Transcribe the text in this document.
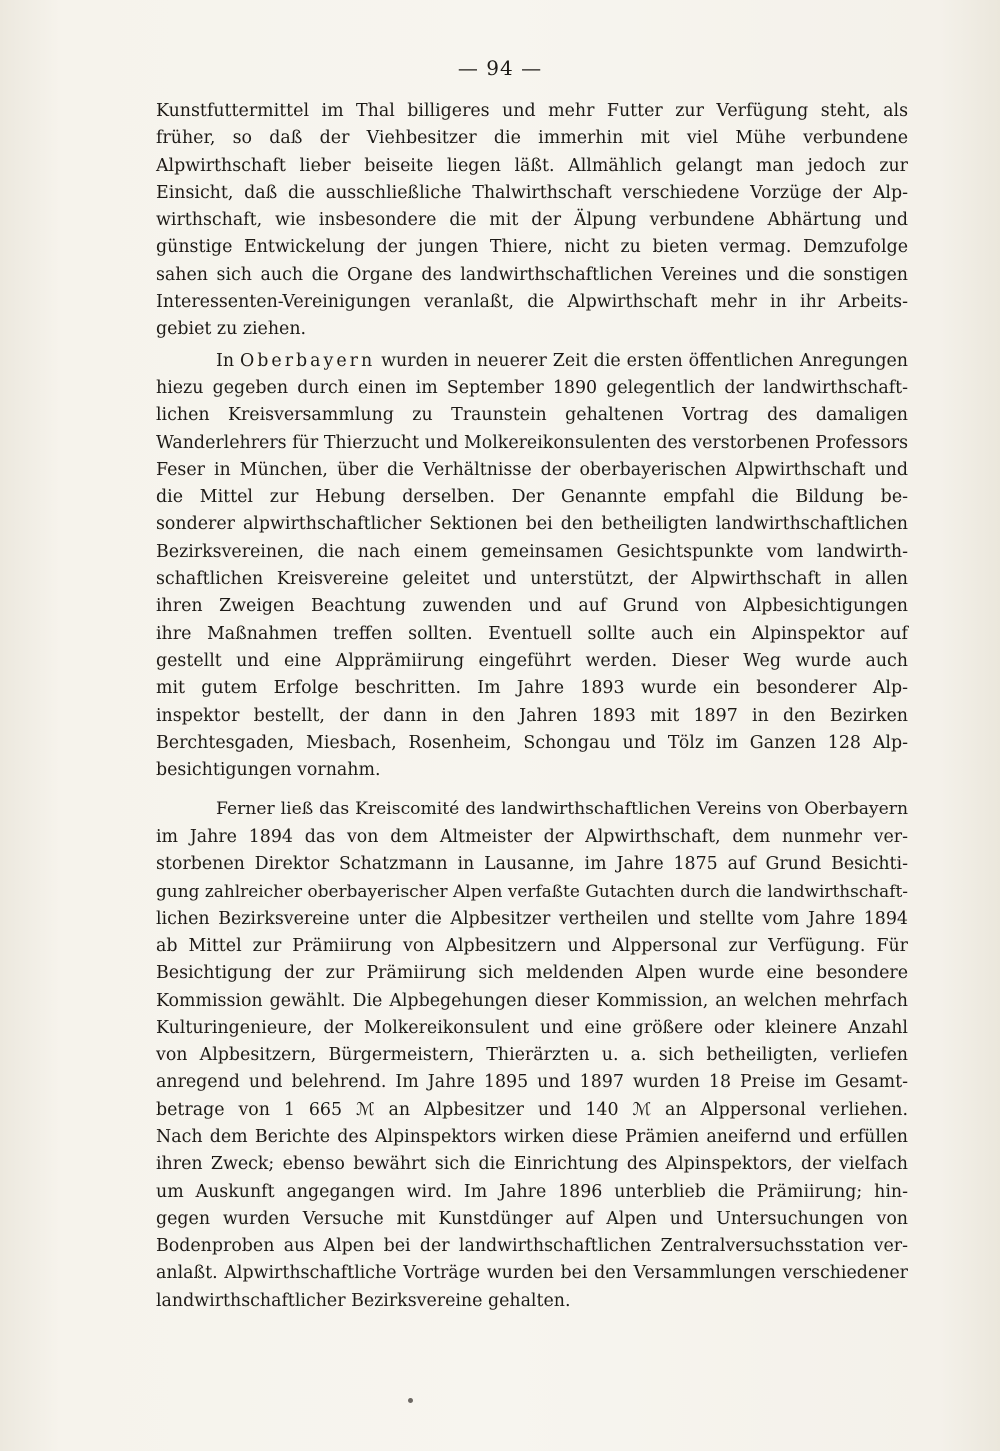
— 94 —

Kunstfuttermittel im Thal billigeres und mehr Futter zur Verfügung steht, als
früher, so daß der Viehbesitzer die immerhin mit viel Mühe verbundene
Alpwirthschaft lieber beiseite liegen läßt. Allmählich gelangt man jedoch zur
Einsicht, daß die ausschließliche Thalwirthschaft verschiedene Vorzüge der Alp-
wirthschaft, wie insbesondere die mit der Älpung verbundene Abhärtung und
günstige Entwickelung der jungen Thiere, nicht zu bieten vermag. Demzufolge
sahen sich auch die Organe des landwirthschaftlichen Vereines und die sonstigen
Interessenten-Vereinigungen veranlaßt, die Alpwirthschaft mehr in ihr Arbeits-
gebiet zu ziehen.

In Oberbayern wurden in neuerer Zeit die ersten öffentlichen Anregungen
hiezu gegeben durch einen im September 1890 gelegentlich der landwirthschaft-
lichen Kreisversammlung zu Traunstein gehaltenen Vortrag des damaligen
Wanderlehrers für Thierzucht und Molkereikonsulenten des verstorbenen Professors
Feser in München, über die Verhältnisse der oberbayerischen Alpwirthschaft und
die Mittel zur Hebung derselben. Der Genannte empfahl die Bildung be-
sonderer alpwirthschaftlicher Sektionen bei den betheiligten landwirthschaftlichen
Bezirksvereinen, die nach einem gemeinsamen Gesichtspunkte vom landwirth-
schaftlichen Kreisvereine geleitet und unterstützt, der Alpwirthschaft in allen
ihren Zweigen Beachtung zuwenden und auf Grund von Alpbesichtigungen
ihre Maßnahmen treffen sollten. Eventuell sollte auch ein Alpinspektor auf
gestellt und eine Alpprämiirung eingeführt werden. Dieser Weg wurde auch
mit gutem Erfolge beschritten. Im Jahre 1893 wurde ein besonderer Alp-
inspektor bestellt, der dann in den Jahren 1893 mit 1897 in den Bezirken
Berchtesgaden, Miesbach, Rosenheim, Schongau und Tölz im Ganzen 128 Alp-
besichtigungen vornahm.

Ferner ließ das Kreiscomité des landwirthschaftlichen Vereins von Oberbayern
im Jahre 1894 das von dem Altmeister der Alpwirthschaft, dem nunmehr ver-
storbenen Direktor Schatzmann in Lausanne, im Jahre 1875 auf Grund Besichti-
gung zahlreicher oberbayerischer Alpen verfaßte Gutachten durch die landwirthschaft-
lichen Bezirksvereine unter die Alpbesitzer vertheilen und stellte vom Jahre 1894
ab Mittel zur Prämiirung von Alpbesitzern und Alppersonal zur Verfügung. Für
Besichtigung der zur Prämiirung sich meldenden Alpen wurde eine besondere
Kommission gewählt. Die Alpbegehungen dieser Kommission, an welchen mehrfach
Kulturingenieure, der Molkereikonsulent und eine größere oder kleinere Anzahl
von Alpbesitzern, Bürgermeistern, Thierärzten u. a. sich betheiligten, verliefen
anregend und belehrend. Im Jahre 1895 und 1897 wurden 18 Preise im Gesamt-
betrage von 1 665 ℳ an Alpbesitzer und 140 ℳ an Alppersonal verliehen.
Nach dem Berichte des Alpinspektors wirken diese Prämien aneifernd und erfüllen
ihren Zweck; ebenso bewährt sich die Einrichtung des Alpinspektors, der vielfach
um Auskunft angegangen wird. Im Jahre 1896 unterblieb die Prämiirung; hin-
gegen wurden Versuche mit Kunstdünger auf Alpen und Untersuchungen von
Bodenproben aus Alpen bei der landwirthschaftlichen Zentralversuchsstation ver-
anlaßt. Alpwirthschaftliche Vorträge wurden bei den Versammlungen verschiedener
landwirthschaftlicher Bezirksvereine gehalten.
